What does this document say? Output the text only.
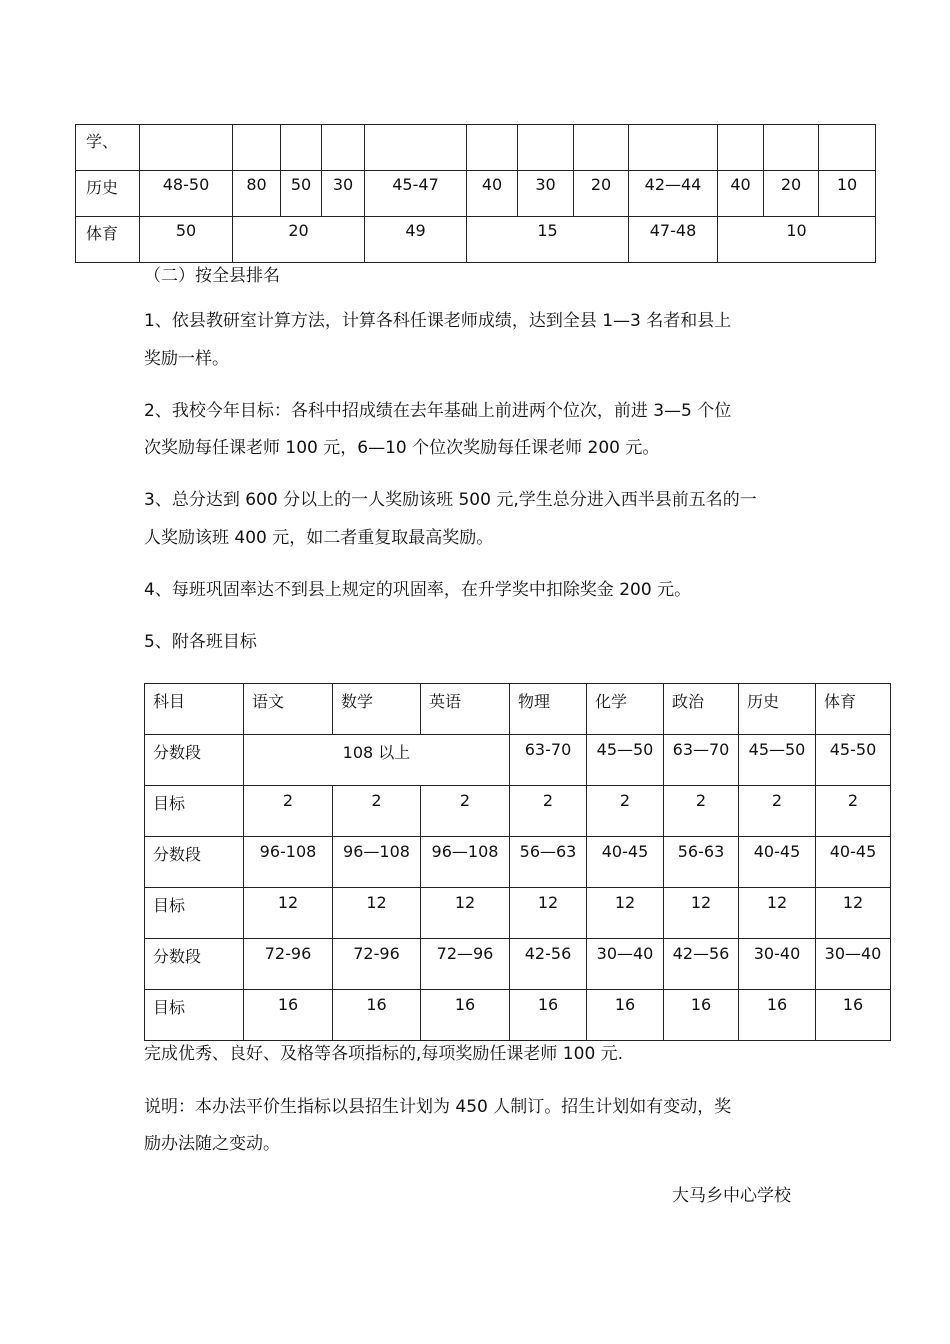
学、												
历史	48-50	80	50	30	45-47	40	30	20	42—44	40	20	10
体育	50	20			49	15			47-48	10		

（二）按全县排名

1、依县教研室计算方法，计算各科任课老师成绩，达到全县 1—3 名者和县上

奖励一样。

2、我校今年目标：各科中招成绩在去年基础上前进两个位次，前进 3—5 个位

次奖励每任课老师 100 元，6—10 个位次奖励每任课老师 200 元。

3、总分达到 600 分以上的一人奖励该班 500 元,学生总分进入西半县前五名的一

人奖励该班 400 元，如二者重复取最高奖励。

4、每班巩固率达不到县上规定的巩固率，在升学奖中扣除奖金 200 元。

5、附各班目标

科目	语文	数学	英语	物理	化学	政治	历史	体育
分数段	108 以上			63-70	45—50	63—70	45—50	45-50
目标	2	2	2	2	2	2	2	2
分数段	96-108	96—108	96—108	56—63	40-45	56-63	40-45	40-45
目标	12	12	12	12	12	12	12	12
分数段	72-96	72-96	72—96	42-56	30—40	42—56	30-40	30—40
目标	16	16	16	16	16	16	16	16

完成优秀、良好、及格等各项指标的,每项奖励任课老师 100 元.

说明：本办法平价生指标以县招生计划为 450 人制订。招生计划如有变动，奖

励办法随之变动。

大马乡中心学校
